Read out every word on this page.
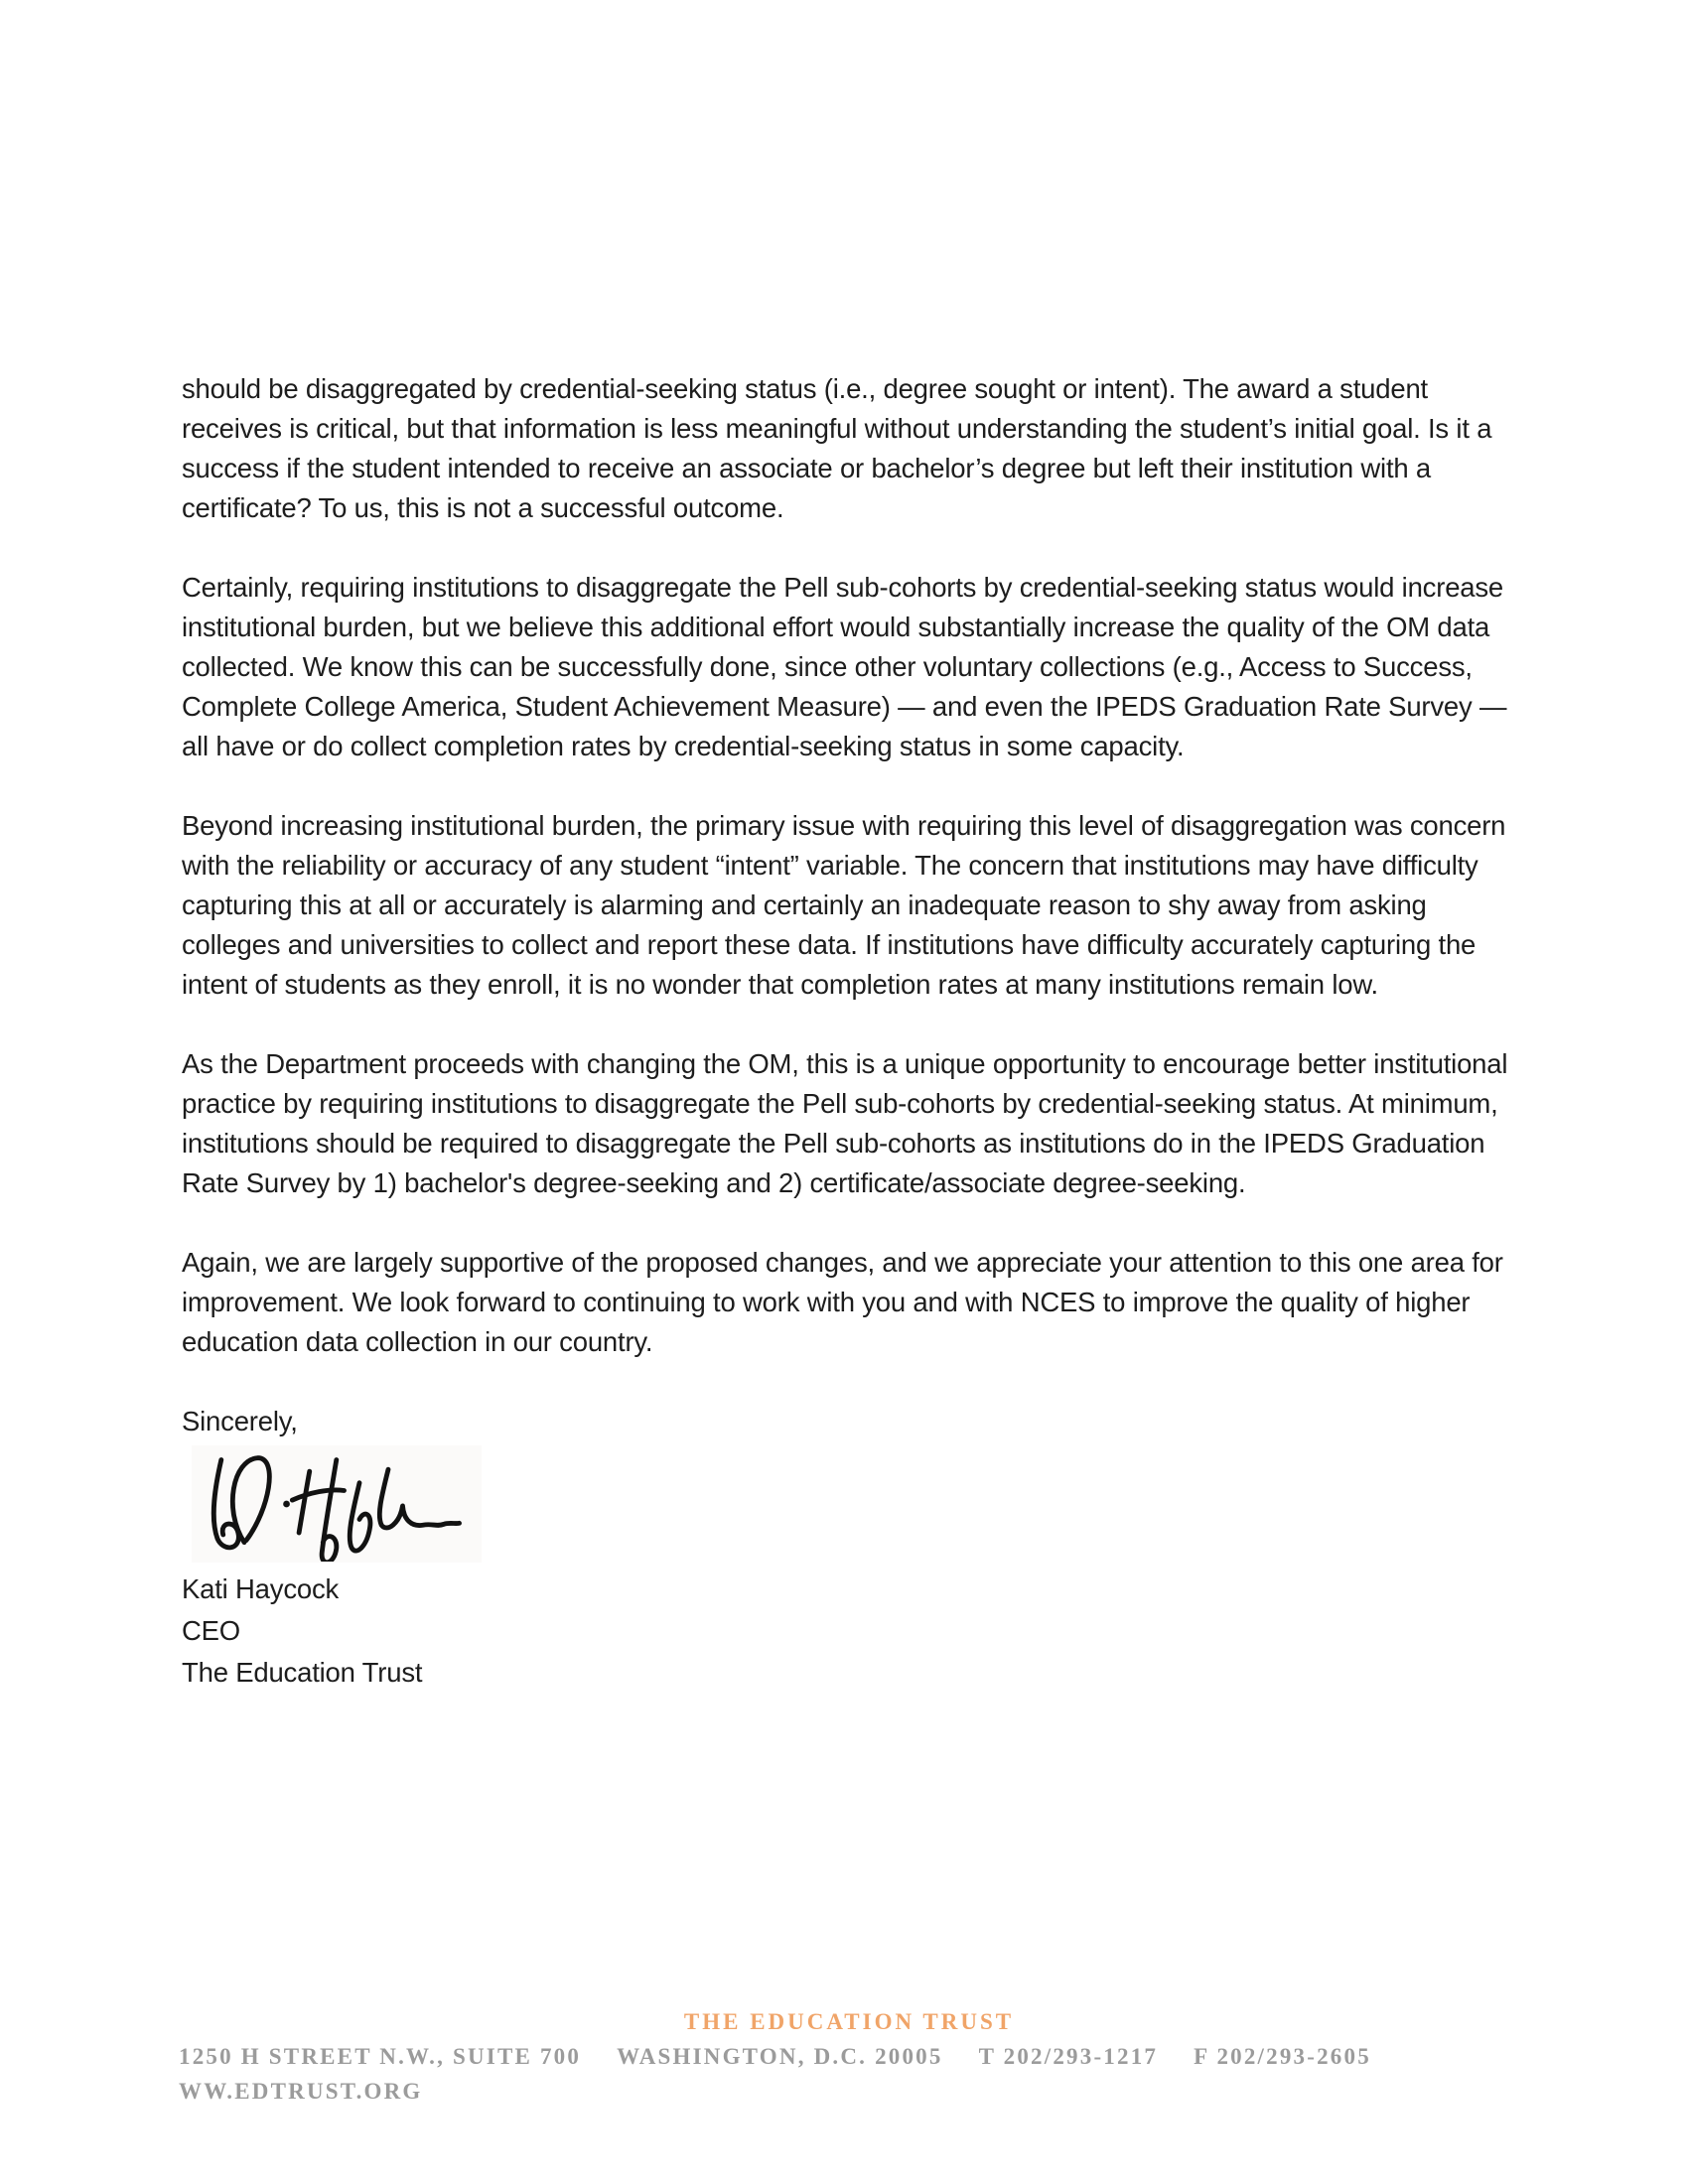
should be disaggregated by credential-seeking status (i.e., degree sought or intent). The award a student receives is critical, but that information is less meaningful without understanding the student’s initial goal. Is it a success if the student intended to receive an associate or bachelor’s degree but left their institution with a certificate? To us, this is not a successful outcome.

Certainly, requiring institutions to disaggregate the Pell sub-cohorts by credential-seeking status would increase institutional burden, but we believe this additional effort would substantially increase the quality of the OM data collected. We know this can be successfully done, since other voluntary collections (e.g., Access to Success, Complete College America, Student Achievement Measure) — and even the IPEDS Graduation Rate Survey — all have or do collect completion rates by credential-seeking status in some capacity.

Beyond increasing institutional burden, the primary issue with requiring this level of disaggregation was concern with the reliability or accuracy of any student “intent” variable. The concern that institutions may have difficulty capturing this at all or accurately is alarming and certainly an inadequate reason to shy away from asking colleges and universities to collect and report these data. If institutions have difficulty accurately capturing the intent of students as they enroll, it is no wonder that completion rates at many institutions remain low.

As the Department proceeds with changing the OM, this is a unique opportunity to encourage better institutional practice by requiring institutions to disaggregate the Pell sub-cohorts by credential-seeking status. At minimum, institutions should be required to disaggregate the Pell sub-cohorts as institutions do in the IPEDS Graduation Rate Survey by 1) bachelor's degree-seeking and 2) certificate/associate degree-seeking.

Again, we are largely supportive of the proposed changes, and we appreciate your attention to this one area for improvement. We look forward to continuing to work with you and with NCES to improve the quality of higher education data collection in our country.

Sincerely,

Kati Haycock
CEO
The Education Trust
THE EDUCATION TRUST
1250 H STREET N.W., SUITE 700 WASHINGTON, D.C. 20005 T 202/293-1217 F 202/293-2605
WW.EDTRUST.ORG
